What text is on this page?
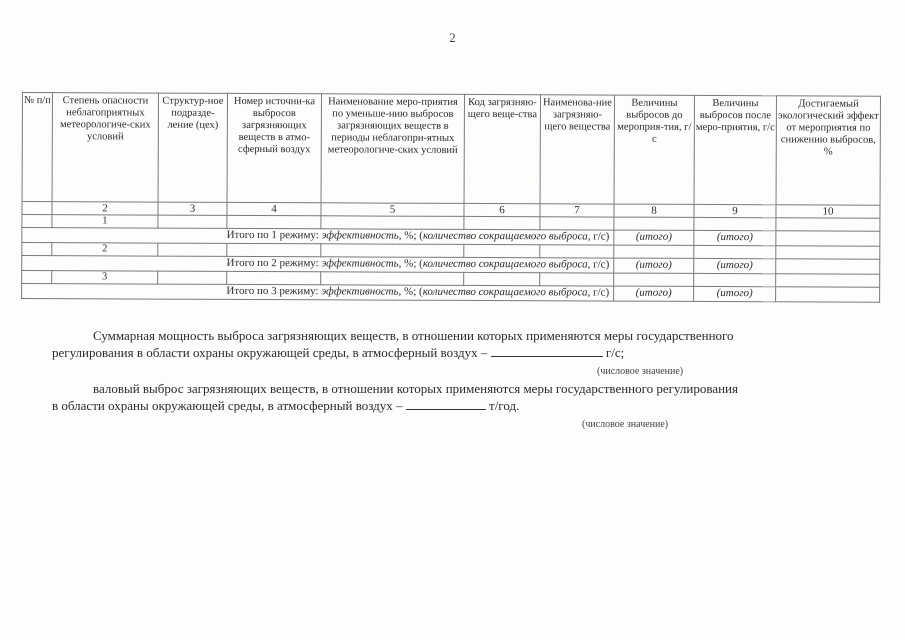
2
№ п/п	Степень опасности неблагоприятных метеорологиче-ских условий	Структур-ное подразде-ление (цех)	Номер источни-ка выбросов загрязняющих веществ в атмо-сферный воздух	Наименование меро-приятия по уменьше-нию выбросов загрязняющих веществ в периоды неблагопри-ятных метеорологиче-ских условий	Код загрязняю-щего веще-ства	Наименова-ние загрязняю-щего вещества	Величины выбросов до мероприя-тия, г/с	Величины выбросов после меро-приятия, г/с	Достигаемый экологический эффект от мероприятия по снижению выбросов, %
	2	3	4	5	6	7	8	9	10
	1								
Итого по 1 режиму: эффективность, %; (количество сокращаемого выброса, г/с)							(итого)	(итого)	
	2								
Итого по 2 режиму: эффективность, %; (количество сокращаемого выброса, г/с)							(итого)	(итого)	
	3								
Итого по 3 режиму: эффективность, %; (количество сокращаемого выброса, г/с)							(итого)	(итого)	
Суммарная мощность выброса загрязняющих веществ, в отношении которых применяются меры государственного
регулирования в области охраны окружающей среды, в атмосферный воздух –	г/с;
(числовое значение)
валовый выброс загрязняющих веществ, в отношении которых применяются меры государственного регулирования
в области охраны окружающей среды, в атмосферный воздух –	т/год.
(числовое значение)
